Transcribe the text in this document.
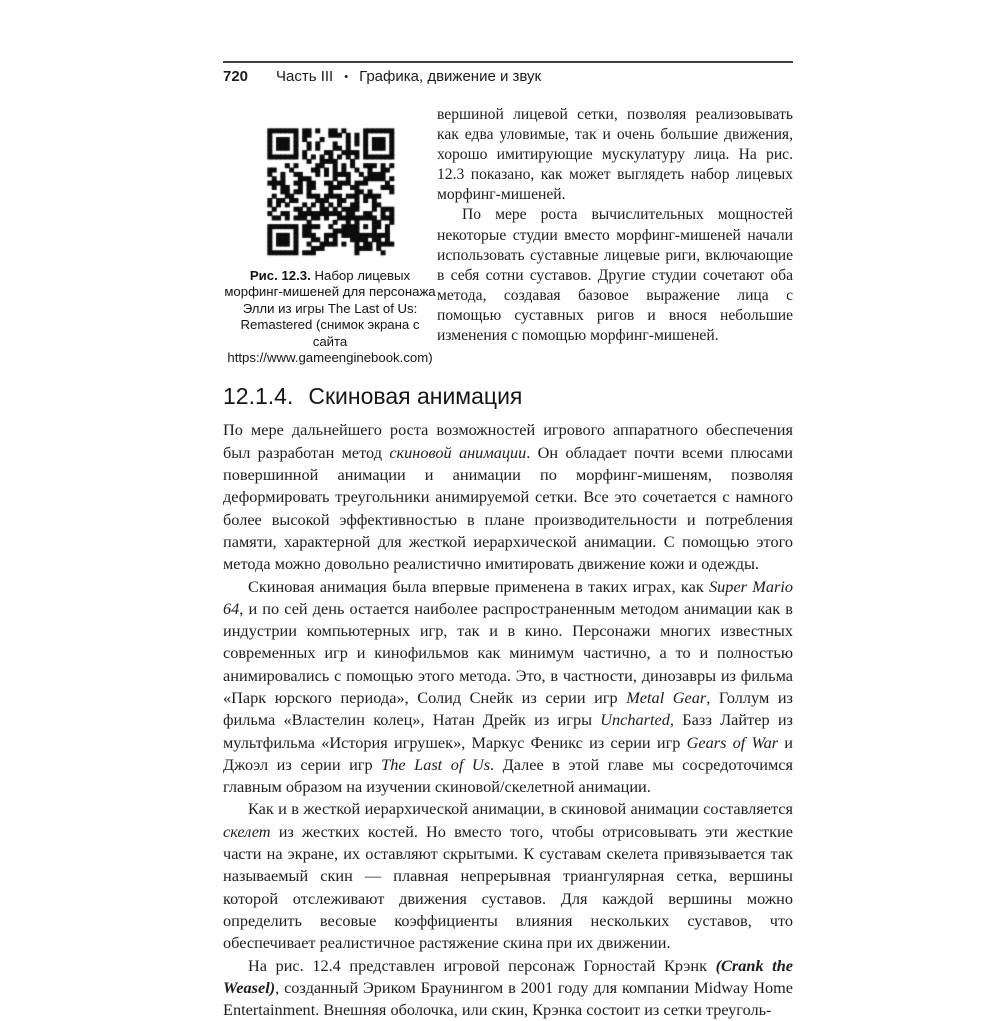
720	Часть III • Графика, движение и звук
Рис. 12.3. Набор лицевых морфинг-мишеней для персонажа Элли из игры The Last of Us: Remastered (снимок экрана с сайта https://www.gameenginebook.com)

вершиной лицевой сетки, позволяя реализовывать как едва уловимые, так и очень большие движения, хорошо имитирующие мускулатуру лица. На рис. 12.3 показано, как может выглядеть набор лицевых морфинг-мишеней.

По мере роста вычислительных мощностей некоторые студии вместо морфинг-мишеней начали использовать суставные лицевые риги, включающие в себя сотни суставов. Другие студии сочетают оба метода, создавая базовое выражение лица с помощью суставных ригов и внося небольшие изменения с помощью морфинг-мишеней.

12.1.4. Скиновая анимация

По мере дальнейшего роста возможностей игрового аппаратного обеспечения был разработан метод скиновой анимации. Он обладает почти всеми плюсами повершинной анимации и анимации по морфинг-мишеням, позволяя деформировать треугольники анимируемой сетки. Все это сочетается с намного более высокой эффективностью в плане производительности и потребления памяти, характерной для жесткой иерархической анимации. С помощью этого метода можно довольно реалистично имитировать движение кожи и одежды.

Скиновая анимация была впервые применена в таких играх, как Super Mario 64, и по сей день остается наиболее распространенным методом анимации как в индустрии компьютерных игр, так и в кино. Персонажи многих известных современных игр и кинофильмов как минимум частично, а то и полностью анимировались с помощью этого метода. Это, в частности, динозавры из фильма «Парк юрского периода», Солид Снейк из серии игр Metal Gear, Голлум из фильма «Властелин колец», Натан Дрейк из игры Uncharted, Базз Лайтер из мультфильма «История игрушек», Маркус Феникс из серии игр Gears of War и Джоэл из серии игр The Last of Us. Далее в этой главе мы сосредоточимся главным образом на изучении скиновой/скелетной анимации.

Как и в жесткой иерархической анимации, в скиновой анимации составляется скелет из жестких костей. Но вместо того, чтобы отрисовывать эти жесткие части на экране, их оставляют скрытыми. К суставам скелета привязывается так называемый скин — плавная непрерывная триангулярная сетка, вершины которой отслеживают движения суставов. Для каждой вершины можно определить весовые коэффициенты влияния нескольких суставов, что обеспечивает реалистичное растяжение скина при их движении.

На рис. 12.4 представлен игровой персонаж Горностай Крэнк (Crank the Weasel), созданный Эриком Браунингом в 2001 году для компании Midway Home Entertainment. Внешняя оболочка, или скин, Крэнка состоит из сетки треуголь-
